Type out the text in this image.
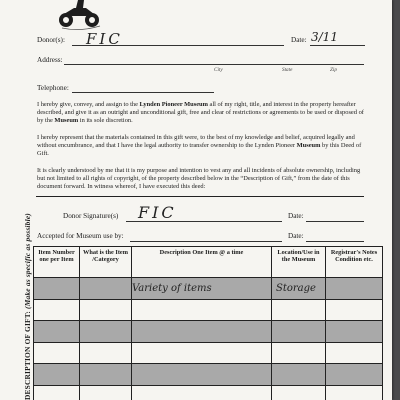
Donor(s): FIC	Date: 3/11
Address:
City	State	Zip
Telephone:
I hereby give, convey, and assign to the Lynden Pioneer Museum all of my right, title, and interest in the property hereafter described, and give it as an outright and unconditional gift, free and clear of restrictions or agreements to be used or disposed of by the Museum in its sole discretion.
I hereby represent that the materials contained in this gift were, to the best of my knowledge and belief, acquired legally and without encumbrance, and that I have the legal authority to transfer ownership to the Lynden Pioneer Museum by this Deed of Gift.
It is clearly understood by me that it is my purpose and intention to vest any and all incidents of absolute ownership, including but not limited to all rights of copyright, of the property described below in the “Description of Gift,” from the date of this document forward. In witness whereof, I have executed this deed:
Donor Signature(s) FIC	Date:
Accepted for Museum use by:	Date:
DESCRIPTION OF GIFT: (Make as specific as possible) Item Number one per Item	What is the Item /Category	Description One Item @ a time	Location/Use in the Museum	Registrar's Notes Condition etc.
		Variety of items	Storage	
